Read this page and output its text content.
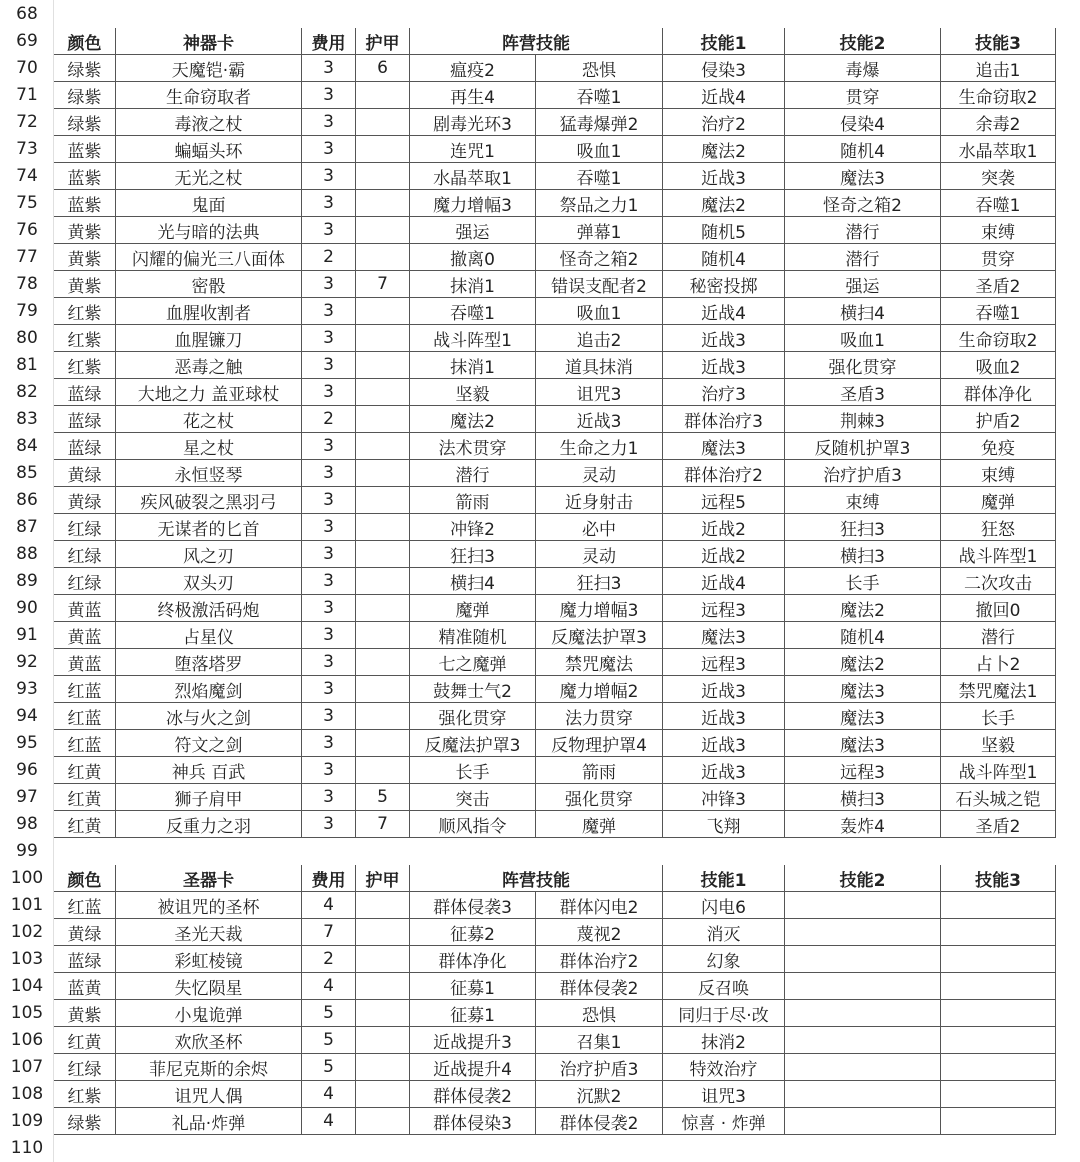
68									
69	颜色	神器卡	费用	护甲	阵营技能		技能1	技能2	技能3
70	绿紫	天魔铠·霸	3	6	瘟疫2	恐惧	侵染3	毒爆	追击1
71	绿紫	生命窃取者	3		再生4	吞噬1	近战4	贯穿	生命窃取2
72	绿紫	毒液之杖	3		剧毒光环3	猛毒爆弹2	治疗2	侵染4	余毒2
73	蓝紫	蝙蝠头环	3		连咒1	吸血1	魔法2	随机4	水晶萃取1
74	蓝紫	无光之杖	3		水晶萃取1	吞噬1	近战3	魔法3	突袭
75	蓝紫	鬼面	3		魔力增幅3	祭品之力1	魔法2	怪奇之箱2	吞噬1
76	黄紫	光与暗的法典	3		强运	弹幕1	随机5	潜行	束缚
77	黄紫	闪耀的偏光三八面体	2		撤离0	怪奇之箱2	随机4	潜行	贯穿
78	黄紫	密骰	3	7	抹消1	错误支配者2	秘密投掷	强运	圣盾2
79	红紫	血腥收割者	3		吞噬1	吸血1	近战4	横扫4	吞噬1
80	红紫	血腥镰刀	3		战斗阵型1	追击2	近战3	吸血1	生命窃取2
81	红紫	恶毒之触	3		抹消1	道具抹消	近战3	强化贯穿	吸血2
82	蓝绿	大地之力 盖亚球杖	3		坚毅	诅咒3	治疗3	圣盾3	群体净化
83	蓝绿	花之杖	2		魔法2	近战3	群体治疗3	荆棘3	护盾2
84	蓝绿	星之杖	3		法术贯穿	生命之力1	魔法3	反随机护罩3	免疫
85	黄绿	永恒竖琴	3		潜行	灵动	群体治疗2	治疗护盾3	束缚
86	黄绿	疾风破裂之黑羽弓	3		箭雨	近身射击	远程5	束缚	魔弹
87	红绿	无谋者的匕首	3		冲锋2	必中	近战2	狂扫3	狂怒
88	红绿	风之刃	3		狂扫3	灵动	近战2	横扫3	战斗阵型1
89	红绿	双头刃	3		横扫4	狂扫3	近战4	长手	二次攻击
90	黄蓝	终极激活码炮	3		魔弹	魔力增幅3	远程3	魔法2	撤回0
91	黄蓝	占星仪	3		精准随机	反魔法护罩3	魔法3	随机4	潜行
92	黄蓝	堕落塔罗	3		七之魔弹	禁咒魔法	远程3	魔法2	占卜2
93	红蓝	烈焰魔剑	3		鼓舞士气2	魔力增幅2	近战3	魔法3	禁咒魔法1
94	红蓝	冰与火之剑	3		强化贯穿	法力贯穿	近战3	魔法3	长手
95	红蓝	符文之剑	3		反魔法护罩3	反物理护罩4	近战3	魔法3	坚毅
96	红黄	神兵 百武	3		长手	箭雨	近战3	远程3	战斗阵型1
97	红黄	狮子肩甲	3	5	突击	强化贯穿	冲锋3	横扫3	石头城之铠
98	红黄	反重力之羽	3	7	顺风指令	魔弹	飞翔	轰炸4	圣盾2
99									
100	颜色	圣器卡	费用	护甲	阵营技能		技能1	技能2	技能3
101	红蓝	被诅咒的圣杯	4		群体侵袭3	群体闪电2	闪电6		
102	黄绿	圣光天裁	7		征募2	蔑视2	消灭		
103	蓝绿	彩虹棱镜	2		群体净化	群体治疗2	幻象		
104	蓝黄	失忆陨星	4		征募1	群体侵袭2	反召唤		
105	黄紫	小鬼诡弹	5		征募1	恐惧	同归于尽·改		
106	红黄	欢欣圣杯	5		近战提升3	召集1	抹消2		
107	红绿	菲尼克斯的余烬	5		近战提升4	治疗护盾3	特效治疗		
108	红紫	诅咒人偶	4		群体侵袭2	沉默2	诅咒3		
109	绿紫	礼品·炸弹	4		群体侵染3	群体侵袭2	惊喜 · 炸弹		
110									
